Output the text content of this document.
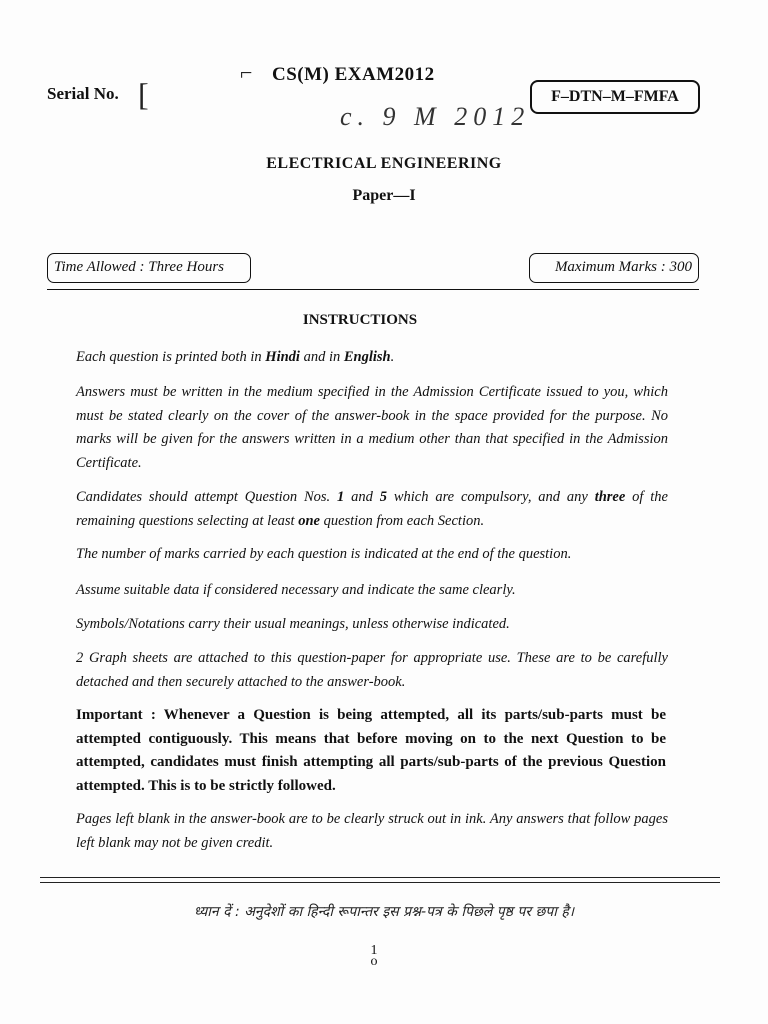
Serial No. [
⌐ CS(M) EXAM2012
c. 9 M 2012
F–DTN–M–FMFA
ELECTRICAL ENGINEERING
Paper—I
Time Allowed : Three Hours	Maximum Marks : 300
INSTRUCTIONS
Each question is printed both in Hindi and in English.
Answers must be written in the medium specified in the Admission Certificate issued to you, which must be stated clearly on the cover of the answer-book in the space provided for the purpose. No marks will be given for the answers written in a medium other than that specified in the Admission Certificate.
Candidates should attempt Question Nos. 1 and 5 which are compulsory, and any three of the remaining questions selecting at least one question from each Section.
The number of marks carried by each question is indicated at the end of the question.
Assume suitable data if considered necessary and indicate the same clearly.
Symbols/Notations carry their usual meanings, unless otherwise indicated.
2 Graph sheets are attached to this question-paper for appropriate use. These are to be carefully detached and then securely attached to the answer-book.
Important : Whenever a Question is being attempted, all its parts/sub-parts must be attempted contiguously. This means that before moving on to the next Question to be attempted, candidates must finish attempting all parts/sub-parts of the previous Question attempted. This is to be strictly followed.
Pages left blank in the answer-book are to be clearly struck out in ink. Any answers that follow pages left blank may not be given credit.
ध्यान दें : अनुदेशों का हिन्दी रूपान्तर इस प्रश्न-पत्र के पिछले पृष्ठ पर छपा है।
1
o
